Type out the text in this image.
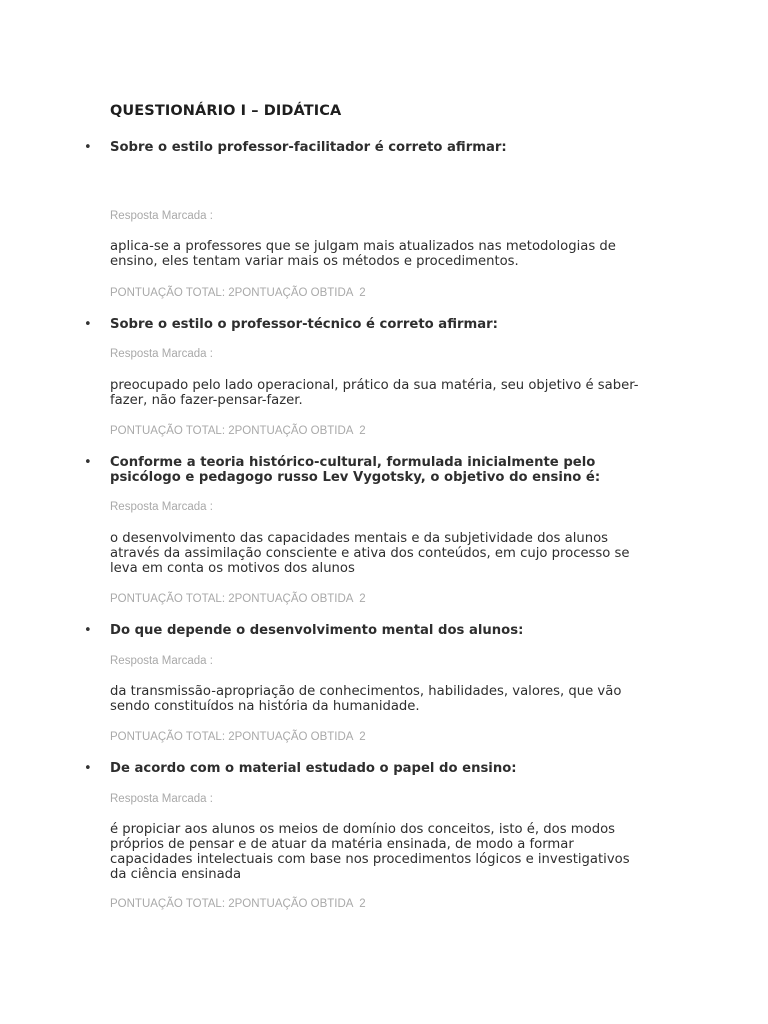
QUESTIONÁRIO I – DIDÁTICA
• Sobre o estilo professor-facilitador é correto afirmar:
Resposta Marcada :
aplica-se a professores que se julgam mais atualizados nas metodologias de
ensino, eles tentam variar mais os métodos e procedimentos.
PONTUAÇÃO TOTAL: 2PONTUAÇÃO OBTIDA  2
• Sobre o estilo o professor-técnico é correto afirmar:
Resposta Marcada :
preocupado pelo lado operacional, prático da sua matéria, seu objetivo é saber-
fazer, não fazer-pensar-fazer.
PONTUAÇÃO TOTAL: 2PONTUAÇÃO OBTIDA  2
• Conforme a teoria histórico-cultural, formulada inicialmente pelo
psicólogo e pedagogo russo Lev Vygotsky, o objetivo do ensino é:
Resposta Marcada :
o desenvolvimento das capacidades mentais e da subjetividade dos alunos
através da assimilação consciente e ativa dos conteúdos, em cujo processo se
leva em conta os motivos dos alunos
PONTUAÇÃO TOTAL: 2PONTUAÇÃO OBTIDA  2
• Do que depende o desenvolvimento mental dos alunos:
Resposta Marcada :
da transmissão-apropriação de conhecimentos, habilidades, valores, que vão
sendo constituídos na história da humanidade.
PONTUAÇÃO TOTAL: 2PONTUAÇÃO OBTIDA  2
• De acordo com o material estudado o papel do ensino:
Resposta Marcada :
é propiciar aos alunos os meios de domínio dos conceitos, isto é, dos modos
próprios de pensar e de atuar da matéria ensinada, de modo a formar
capacidades intelectuais com base nos procedimentos lógicos e investigativos
da ciência ensinada
PONTUAÇÃO TOTAL: 2PONTUAÇÃO OBTIDA  2
